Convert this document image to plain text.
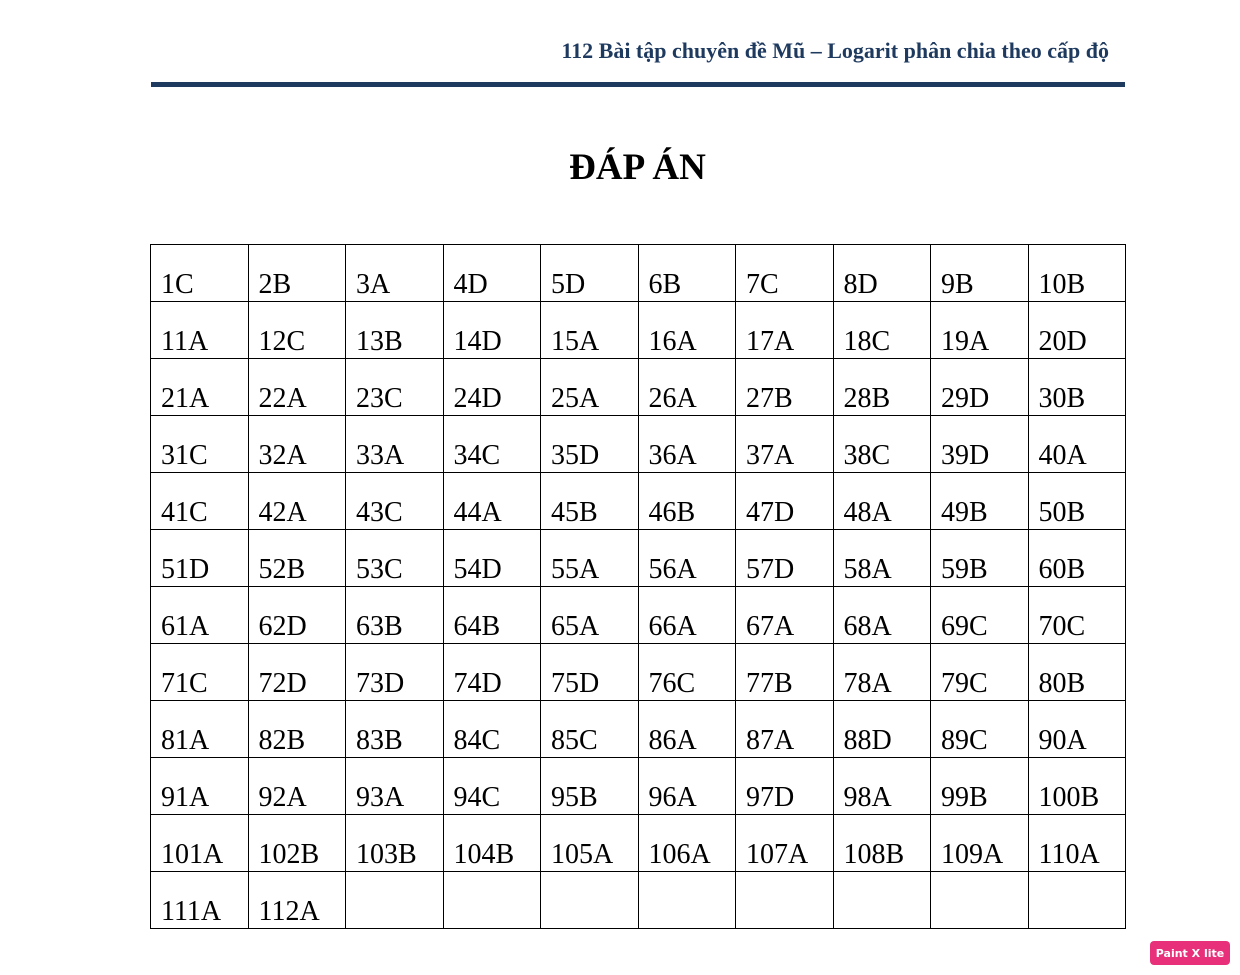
112 Bài tập chuyên đề Mũ – Logarit phân chia theo cấp độ
ĐÁP ÁN
1C	2B	3A	4D	5D	6B	7C	8D	9B	10B

11A	12C	13B	14D	15A	16A	17A	18C	19A	20D

21A	22A	23C	24D	25A	26A	27B	28B	29D	30B

31C	32A	33A	34C	35D	36A	37A	38C	39D	40A

41C	42A	43C	44A	45B	46B	47D	48A	49B	50B

51D	52B	53C	54D	55A	56A	57D	58A	59B	60B

61A	62D	63B	64B	65A	66A	67A	68A	69C	70C

71C	72D	73D	74D	75D	76C	77B	78A	79C	80B

81A	82B	83B	84C	85C	86A	87A	88D	89C	90A

91A	92A	93A	94C	95B	96A	97D	98A	99B	100B

101A	102B	103B	104B	105A	106A	107A	108B	109A	110A

111A	112A								

Paint X lite
